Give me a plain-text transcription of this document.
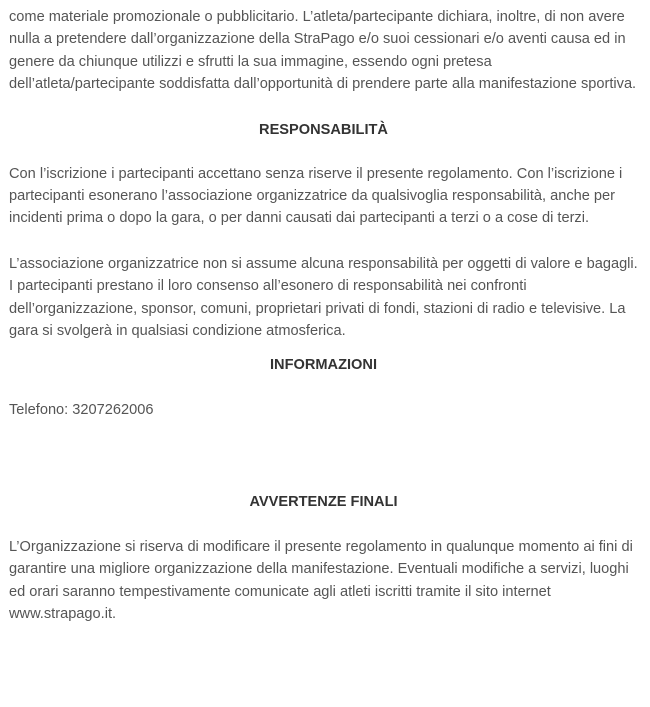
come materiale promozionale o pubblicitario. L’atleta/partecipante dichiara, inoltre, di non avere nulla a pretendere dall’organizzazione della StraPago e/o suoi cessionari e/o aventi causa ed in genere da chiunque utilizzi e sfrutti la sua immagine, essendo ogni pretesa dell’atleta/partecipante soddisfatta dall’opportunità di prendere parte alla manifestazione sportiva.

RESPONSABILITÀ

Con l’iscrizione i partecipanti accettano senza riserve il presente regolamento. Con l’iscrizione i partecipanti esonerano l’associazione organizzatrice da qualsivoglia responsabilità, anche per incidenti prima o dopo la gara, o per danni causati dai partecipanti a terzi o a cose di terzi.

L’associazione organizzatrice non si assume alcuna responsabilità per oggetti di valore e bagagli. I partecipanti prestano il loro consenso all’esonero di responsabilità nei confronti dell’organizzazione, sponsor, comuni, proprietari privati di fondi, stazioni di radio e televisive. La gara si svolgerà in qualsiasi condizione atmosferica.

INFORMAZIONI

Telefono: 3207262006

AVVERTENZE FINALI

L’Organizzazione si riserva di modificare il presente regolamento in qualunque momento ai fini di garantire una migliore organizzazione della manifestazione. Eventuali modifiche a servizi, luoghi ed orari saranno tempestivamente comunicate agli atleti iscritti tramite il sito internet www.strapago.it.
